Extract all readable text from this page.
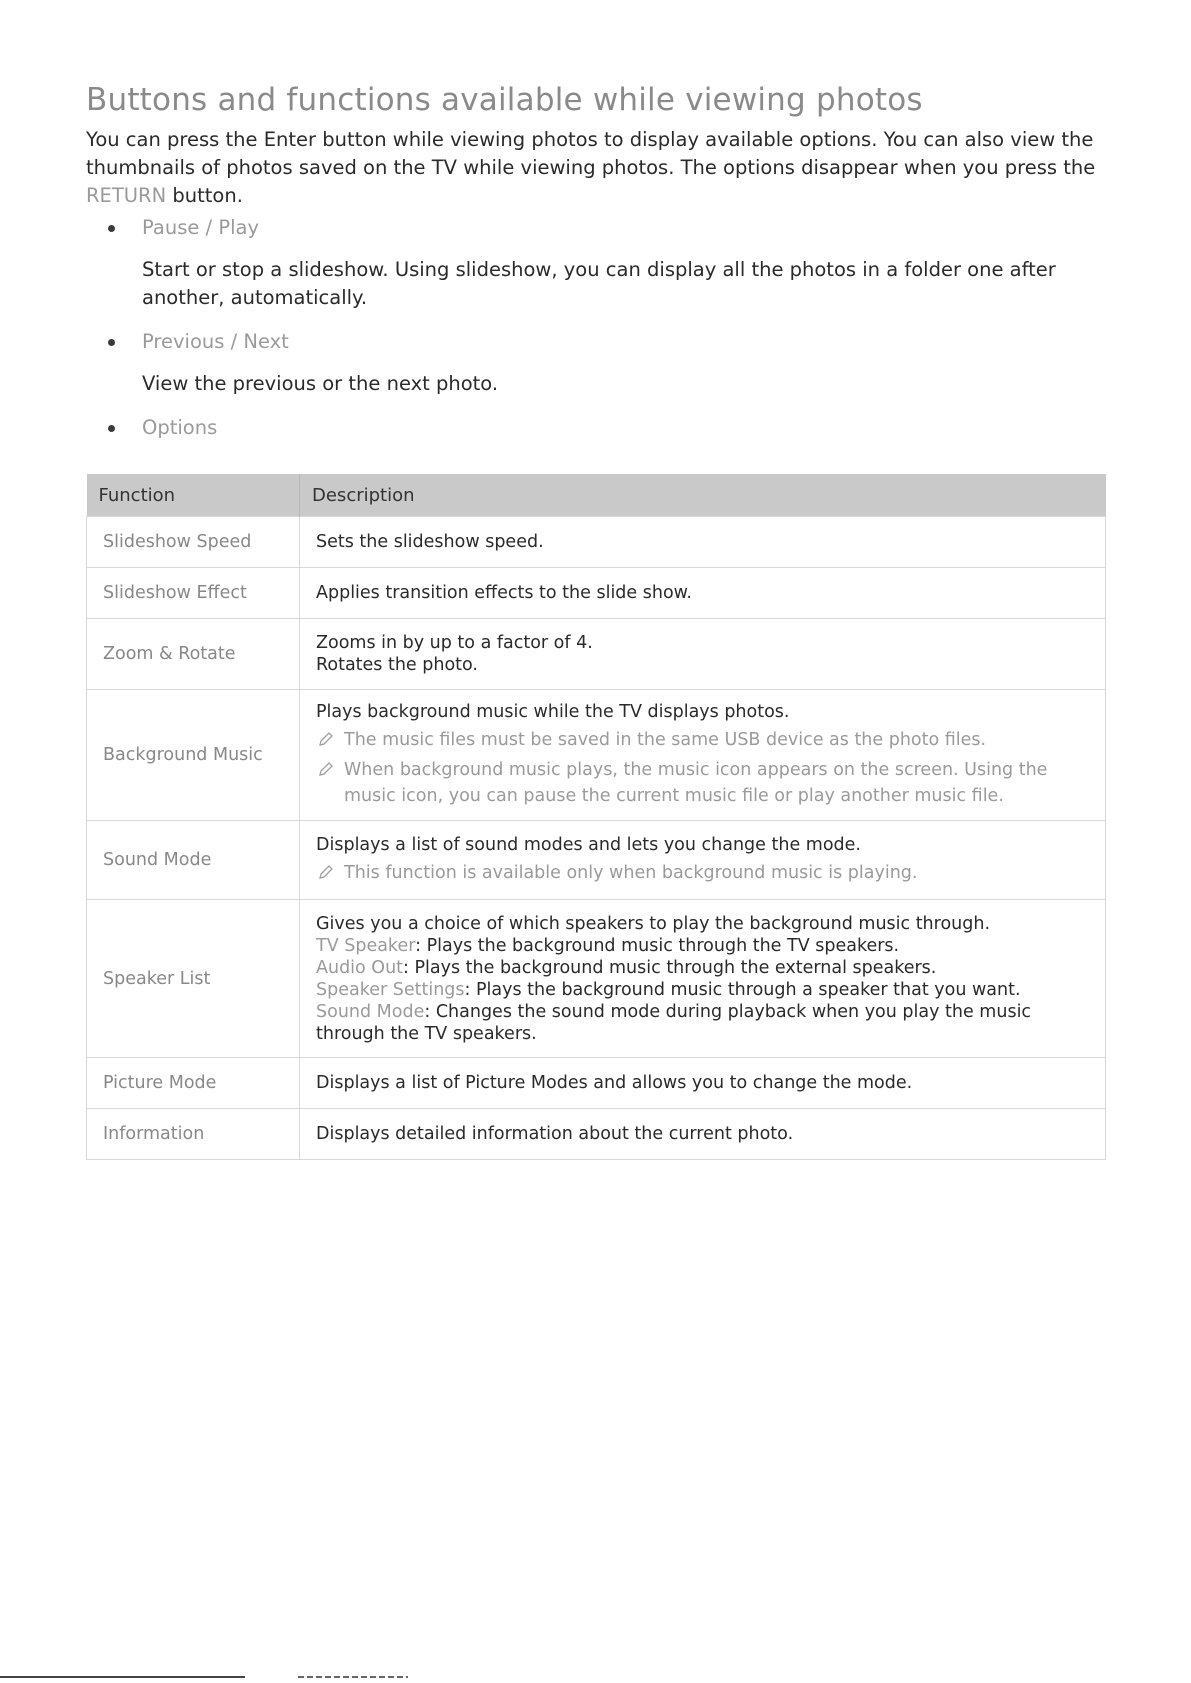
Buttons and functions available while viewing photos

You can press the Enter button while viewing photos to display available options. You can also view the thumbnails of photos saved on the TV while viewing photos. The options disappear when you press the RETURN button.

Pause / Play
Start or stop a slideshow. Using slideshow, you can display all the photos in a folder one after another, automatically.
Previous / Next
View the previous or the next photo.
Options
Function	Description
Slideshow Speed	Sets the slideshow speed.

Slideshow Effect	Applies transition effects to the slide show.

Zoom & Rotate	Zooms in by up to a factor of 4.
Rotates the photo.

Background Music	Plays background music while the TV displays photos.
The music files must be saved in the same USB device as the photo files.
When background music plays, the music icon appears on the screen. Using the music icon, you can pause the current music file or play another music file.

Sound Mode	Displays a list of sound modes and lets you change the mode.
This function is available only when background music is playing.

Speaker List	Gives you a choice of which speakers to play the background music through.
TV Speaker: Plays the background music through the TV speakers.
Audio Out: Plays the background music through the external speakers.
Speaker Settings: Plays the background music through a speaker that you want.
Sound Mode: Changes the sound mode during playback when you play the music through the TV speakers.

Picture Mode	Displays a list of Picture Modes and allows you to change the mode.

Information	Displays detailed information about the current photo.
